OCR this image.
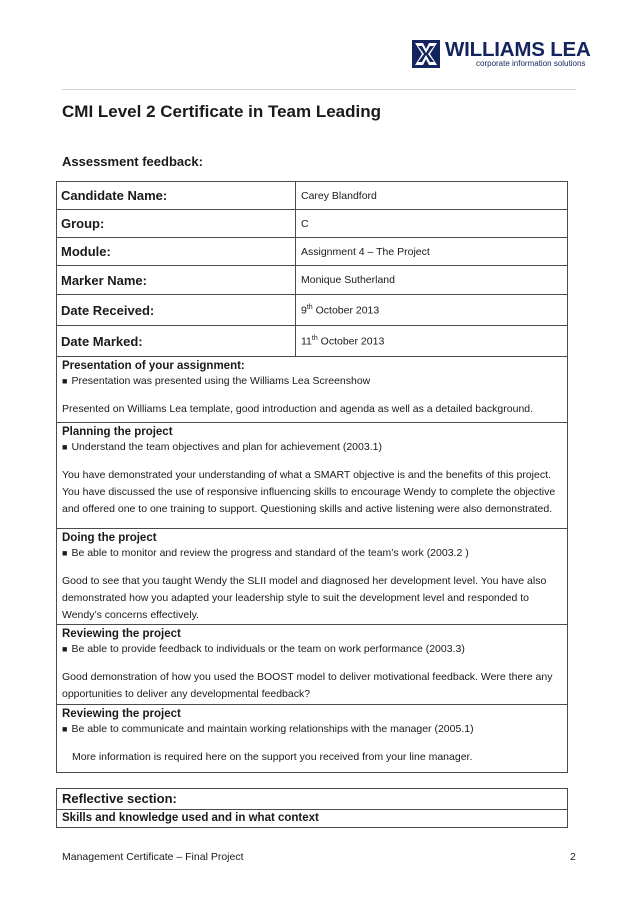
WILLIAMS LEA
corporate information solutions
CMI Level 2 Certificate in Team Leading
Assessment feedback:
Candidate Name:	Carey Blandford
Group:	C
Module:	Assignment 4 – The Project
Marker Name:	Monique Sutherland
Date Received:	9th October 2013
Date Marked:	11th October 2013

Presentation of your assignment:
■ Presentation was presented using the Williams Lea Screenshow
Presented on Williams Lea template, good introduction and agenda as well as a detailed background.	

Planning the project
■ Understand the team objectives and plan for achievement (2003.1)
You have demonstrated your understanding of what a SMART objective is and the benefits of this project. You have discussed the use of responsive influencing skills to encourage Wendy to complete the objective and offered one to one training to support. Questioning skills and active listening were also demonstrated.	

Doing the project
■ Be able to monitor and review the progress and standard of the team’s work (2003.2 )
Good to see that you taught Wendy the SLII model and diagnosed her development level. You have also demonstrated how you adapted your leadership style to suit the development level and responded to Wendy’s concerns effectively.	

Reviewing the project
■ Be able to provide feedback to individuals or the team on work performance (2003.3)
Good demonstration of how you used the BOOST model to deliver motivational feedback. Were there any opportunities to deliver any developmental feedback?	

Reviewing the project
■ Be able to communicate and maintain working relationships with the manager (2005.1)
More information is required here on the support you received from your line manager.	
Reflective section:
Skills and knowledge used and in what context
Management Certificate – Final Project	2
